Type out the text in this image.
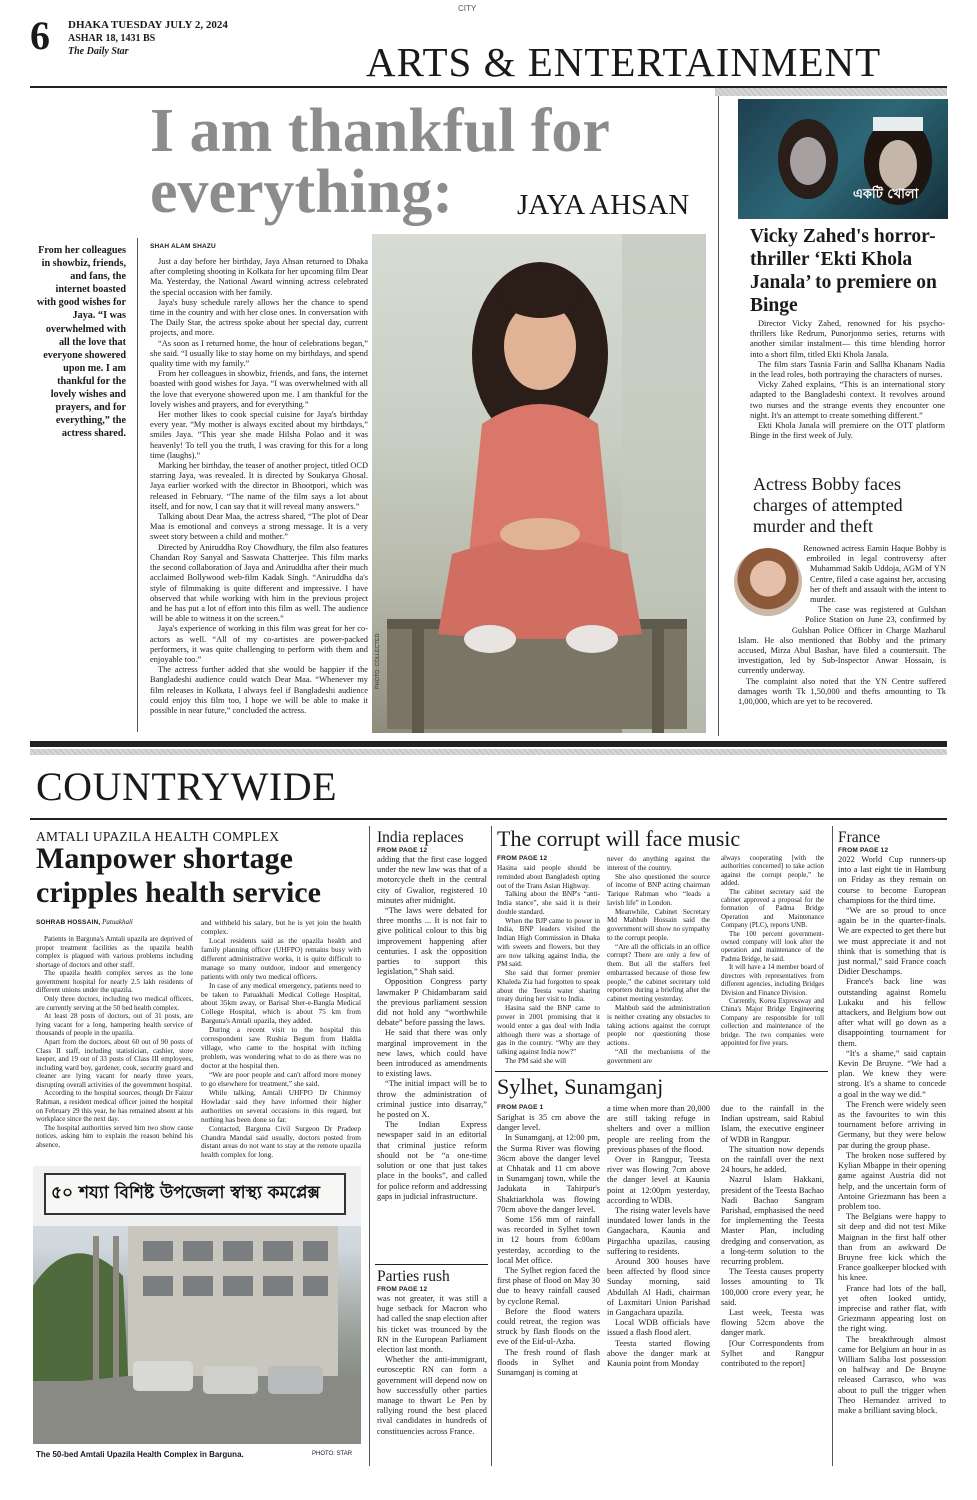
CITY
6 DHAKA TUESDAY JULY 2, 2024
ASHAR 18, 1431 BS
The Daily Star	ARTS & ENTERTAINMENT
I am thankful for
everything: JAYA AHSAN
From her colleagues in showbiz, friends, and fans, the internet boasted with good wishes for Jaya. “I was overwhelmed with all the love that everyone showered upon me. I am thankful for the lovely wishes and prayers, and for everything,” the actress shared.
SHAH ALAM SHAZU

Just a day before her birthday, Jaya Ahsan returned to Dhaka after completing shooting in Kolkata for her upcoming film Dear Ma. Yesterday, the National Award winning actress celebrated the special occasion with her family.

Jaya's busy schedule rarely allows her the chance to spend time in the country and with her close ones. In conversation with The Daily Star, the actress spoke about her special day, current projects, and more.

“As soon as I returned home, the hour of celebrations began,” she said. “I usually like to stay home on my birthdays, and spend quality time with my family.”

From her colleagues in showbiz, friends, and fans, the internet boasted with good wishes for Jaya. “I was overwhelmed with all the love that everyone showered upon me. I am thankful for the lovely wishes and prayers, and for everything.”

Her mother likes to cook special cuisine for Jaya's birthday every year. “My mother is always excited about my birthdays,” smiles Jaya. “This year she made Hilsha Polao and it was heavenly! To tell you the truth, I was craving for this for a long time (laughs).”

Marking her birthday, the teaser of another project, titled OCD starring Jaya, was revealed. It is directed by Soukarya Ghosal. Jaya earlier worked with the director in Bhootpori, which was released in February. “The name of the film says a lot about itself, and for now, I can say that it will reveal many answers.”

Talking about Dear Maa, the actress shared, “The plot of Dear Maa is emotional and conveys a strong message. It is a very sweet story between a child and mother.”

Directed by Aniruddha Roy Chowdhury, the film also features Chandan Roy Sanyal and Saswata Chatterjee. This film marks the second collaboration of Jaya and Aniruddha after their much acclaimed Bollywood web-film Kadak Singh. “Aniruddha da's style of filmmaking is quite different and impressive. I have observed that while working with him in the previous project and he has put a lot of effort into this film as well. The audience will be able to witness it on the screen.”

Jaya's experience of working in this film was great for her co-actors as well. “All of my co-artistes are power-packed performers, it was quite challenging to perform with them and enjoyable too.”

The actress further added that she would be happier if the Bangladeshi audience could watch Dear Maa. “Whenever my film releases in Kolkata, I always feel if Bangladeshi audience could enjoy this film too, I hope we will be able to make it possible in near future,” concluded the actress.

PHOTO: COLLECTED
একটি খোলা
Vicky Zahed's horror-thriller ‘Ekti Khola Janala’ to premiere on Binge

Director Vicky Zahed, renowned for his psycho-thrillers like Redrum, Punorjonmo series, returns with another similar instalment— this time blending horror into a short film, titled Ekti Khola Janala.

The film stars Tasnia Farin and Sallha Khanam Nadia in the lead roles, both portraying the characters of nurses.

Vicky Zahed explains, “This is an international story adapted to the Bangladeshi context. It revolves around two nurses and the strange events they encounter one night. It's an attempt to create something different.”

Ekti Khola Janala will premiere on the OTT platform Binge in the first week of July.

Actress Bobby faces charges of attempted murder and theft

Renowned actress Eamin Haque Bobby is embroiled in legal controversy after Muhammad Sakib Uddoja, AGM of YN Centre, filed a case against her, accusing her of theft and assault with the intent to murder.

The case was registered at Gulshan Police Station on June 23, confirmed by Gulshan Police Officer in Charge Mazharul Islam. He also mentioned that Bobby and the primary accused, Mirza Abul Bashar, have filed a countersuit. The investigation, led by Sub-Inspector Anwar Hossain, is currently underway.

The complaint also noted that the YN Centre suffered damages worth Tk 1,50,000 and thefts amounting to Tk 1,00,000, which are yet to be recovered.

COUNTRYWIDE
AMTALI UPAZILA HEALTH COMPLEX
Manpower shortage
cripples health service
SOHRAB HOSSAIN, Patuakhali

Patients in Barguna's Amtali upazila are deprived of proper treatment facilities as the upazila health complex is plagued with various problems including shortage of doctors and other staff.

The upazila health complex serves as the lone government hospital for nearly 2.5 lakh residents of different unions under the upazila.

Only three doctors, including two medical officers, are currently serving at the 50 bed health complex.

At least 28 posts of doctors, out of 31 posts, are lying vacant for a long, hampering health service of thousands of people in the upazila.

Apart from the doctors, about 60 out of 90 posts of Class II staff, including statistician, cashier, store keeper, and 19 out of 33 posts of Class III employees, including ward boy, gardener, cook, security guard and cleaner are lying vacant for nearly three years, disrupting overall activities of the government hospital.

According to the hospital sources, though Dr Faizur Rahman, a resident medical officer joined the hospital on February 29 this year, he has remained absent at his workplace since the next day.

The hospital authorities served him two show cause notices, asking him to explain the reason behind his absence,

and withheld his salary, but he is yet join the health complex.

Local residents said as the upazila health and family planning officer (UHFPO) remains busy with different administrative works, it is quite difficult to manage so many outdoor, indoor and emergency patients with only two medical officers.

In case of any medical emergency, patients need to be taken to Patuakhali Medical College Hospital, about 35km away, or Barisal Sher-e-Bangla Medical College Hospital, which is about 75 km from Barguna's Amtali upazila, they added.

During a recent visit to the hospital this correspondent saw Rushia Begum from Haldia village, who came to the hospital with itching problem, was wondering what to do as there was no doctor at the hospital then.

“We are poor people and can't afford more money to go elsewhere for treatment,” she said.

While talking, Amtali UHFPO Dr Chinmoy Howladar said they have informed their higher authorities on several occasions in this regard, but nothing has been done so far.

Contacted, Barguna Civil Surgeon Dr Pradeep Chandra Mandal said usually, doctors posted from distant areas do not want to stay at the remote upazila health complex for long.

৫০ শয্যা বিশিষ্ট উপজেলা স্বাস্থ্য কমপ্লেক্স
The 50-bed Amtali Upazila Health Complex in Barguna.	PHOTO: STAR
India replaces
FROM PAGE 12

adding that the first case logged under the new law was that of a motorcycle theft in the central city of Gwalior, registered 10 minutes after midnight.

“The laws were debated for three months ... It is not fair to give political colour to this big improvement happening after centuries. I ask the opposition parties to support this legislation,” Shah said.

Opposition Congress party lawmaker P Chidambaram said the previous parliament session did not hold any “worthwhile debate” before passing the laws.

He said that there was only marginal improvement in the new laws, which could have been introduced as amendments to existing laws.

“The initial impact will be to throw the administration of criminal justice into disarray,” he posted on X.

The Indian Express newspaper said in an editorial that criminal justice reform should not be “a one-time solution or one that just takes place in the books”, and called for police reform and addressing gaps in judicial infrastructure.

Parties rush
FROM PAGE 12

was not greater, it was still a huge setback for Macron who had called the snap election after his ticket was trounced by the RN in the European Parliament election last month.

Whether the anti-immigrant, eurosceptic RN can form a government will depend now on how successfully other parties manage to thwart Le Pen by rallying round the best placed rival candidates in hundreds of constituencies across France.

The corrupt will face music
FROM PAGE 12

Hasina said people should be reminded about Bangladesh opting out of the Trans Asian Highway.

Talking about the BNP's “anti-India stance”, she said it is their double standard.

When the BJP came to power in India, BNP leaders visited the Indian High Commission in Dhaka with sweets and flowers, but they are now talking against India, the PM said.

She said that former premier Khaleda Zia had forgotten to speak about the Teesta water sharing treaty during her visit to India.

Hasina said the BNP came to power in 2001 promising that it would enter a gas deal with India although there was a shortage of gas in the country. “Why are they talking against India now?”

The PM said she will

never do anything against the interest of the country.

She also questioned the source of income of BNP acting chairman Tarique Rahman who “leads a lavish life” in London.

Meanwhile, Cabinet Secretary Md Mahbub Hossain said the government will show no sympathy to the corrupt people.

“Are all the officials in an office corrupt? There are only a few of them. But all the staffers feel embarrassed because of those few people,” the cabinet secretary told reporters during a briefing after the cabinet meeting yesterday.

Mahbub said the administration is neither creating any obstacles to taking actions against the corrupt people nor questioning those actions.

“All the mechanisms of the government are

always cooperating [with the authorities concerned] to take action against the corrupt people,” he added.

The cabinet secretary said the cabinet approved a proposal for the formation of Padma Bridge Operation and Maintenance Company (PLC), reports UNB.

The 100 percent government-owned company will look after the operation and maintenance of the Padma Bridge, he said.

It will have a 14 member board of directors with representatives from different agencies, including Bridges Division and Finance Division.

Currently, Korea Expressway and China's Major Bridge Engineering Company are responsible for toll collection and maintenance of the bridge. The two companies were appointed for five years.

Sylhet, Sunamganj
FROM PAGE 1

Sarighat is 35 cm above the danger level.

In Sunamganj, at 12:00 pm, the Surma River was flowing 36cm above the danger level at Chhatak and 11 cm above in Sunamganj town, while the Jadukata in Tahirpur's Shaktiarkhola was flowing 70cm above the danger level.

Some 156 mm of rainfall was recorded in Sylhet town in 12 hours from 6:00am yesterday, according to the local Met office.

The Sylhet region faced the first phase of flood on May 30 due to heavy rainfall caused by cyclone Remal.

Before the flood waters could retreat, the region was struck by flash floods on the eve of the Eid-ul-Azha.

The fresh round of flash floods in Sylhet and Sunamganj is coming at

a time when more than 20,000 are still taking refuge in shelters and over a million people are reeling from the previous phases of the flood.

Over in Rangpur, Teesta river was flowing 7cm above the danger level at Kaunia point at 12:00pm yesterday, according to WDB.

The rising water levels have inundated lower lands in the Gangachara, Kaunia and Pirgachha upazilas, causing suffering to residents.

Around 300 houses have been affected by flood since Sunday morning, said Abdullah Al Hadi, chairman of Laxmitari Union Parishad in Gangachara upazila.

Local WDB officials have issued a flash flood alert.

Teesta started flowing above the danger mark at Kaunia point from Monday

due to the rainfall in the Indian upstream, said Rabiul Islam, the executive engineer of WDB in Rangpur.

The situation now depends on the rainfall over the next 24 hours, he added.

Nazrul Islam Hakkani, president of the Teesta Bachao Nadi Bachao Sangram Parishad, emphasised the need for implementing the Teesta Master Plan, including dredging and conservation, as a long-term solution to the recurring problem.

The Teesta causes property losses amounting to Tk 100,000 crore every year, he said.

Last week, Teesta was flowing 52cm above the danger mark.

[Our Correspondents from Sylhet and Rangpur contributed to the report]

France
FROM PAGE 12

2022 World Cup runners-up into a last eight tie in Hamburg on Friday as they remain on course to become European champions for the third time.

“We are so proud to once again be in the quarter-finals. We are expected to get there but we must appreciate it and not think that is something that is just normal,” said France coach Didier Deschamps.

France's back line was outstanding against Romelu Lukaku and his fellow attackers, and Belgium bow out after what will go down as a disappointing tournament for them.

“It's a shame,” said captain Kevin De Bruyne. “We had a plan. We knew they were strong. It's a shame to concede a goal in the way we did.”

The French were widely seen as the favourites to win this tournament before arriving in Germany, but they were below par during the group phase.

The broken nose suffered by Kylian Mbappe in their opening game against Austria did not help, and the uncertain form of Antoine Griezmann has been a problem too.

The Belgians were happy to sit deep and did not test Mike Maignan in the first half other than from an awkward De Bruyne free kick which the France goalkeeper blocked with his knee.

France had lots of the ball, yet often looked untidy, imprecise and rather flat, with Griezmann appearing lost on the right wing.

The breakthrough almost came for Belgium an hour in as William Saliba lost possession on halfway and De Bruyne released Carrasco, who was about to pull the trigger when Theo Hernandez arrived to make a brilliant saving block.
